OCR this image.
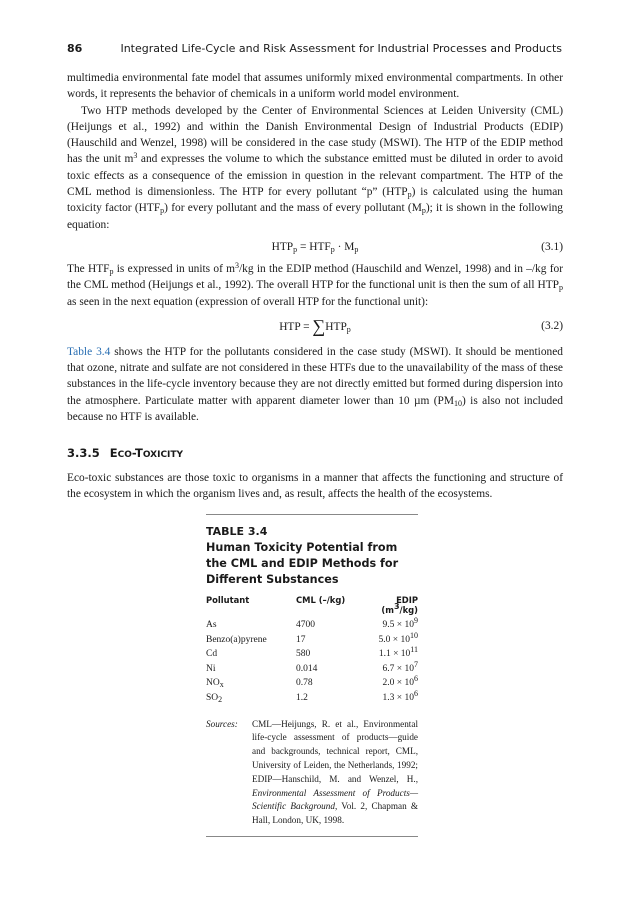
86	Integrated Life-Cycle and Risk Assessment for Industrial Processes and Products

multimedia environmental fate model that assumes uniformly mixed environmental compartments. In other words, it represents the behavior of chemicals in a uniform world model environment.

Two HTP methods developed by the Center of Environmental Sciences at Leiden University (CML) (Heijungs et al., 1992) and within the Danish Environmental Design of Industrial Products (EDIP) (Hauschild and Wenzel, 1998) will be considered in the case study (MSWI). The HTP of the EDIP method has the unit $m^3$ and expresses the volume to which the substance emitted must be diluted in order to avoid toxic effects as a consequence of the emission in question in the relevant compartment. The HTP of the CML method is dimensionless. The HTP for every pollutant “p” $(HTP_p)$ is calculated using the human toxicity factor $(HTF_p)$ for every pollutant and the mass of every pollutant $(M_p)$; it is shown in the following equation:

$HTP_p = HTF_p \cdot M_p$	(3.1)

The $HTF_p$ is expressed in units of $m^3/kg$ in the EDIP method (Hauschild and Wenzel, 1998) and in –/kg for the CML method (Heijungs et al., 1992). The overall HTP for the functional unit is then the sum of all $HTP_p$ as seen in the next equation (expression of overall HTP for the functional unit):

HTP = $\sum HTP_p$	(3.2)

Table 3.4 shows the HTP for the pollutants considered in the case study (MSWI). It should be mentioned that ozone, nitrate and sulfate are not considered in these HTFs due to the unavailability of the mass of these substances in the life-cycle inventory because they are not directly emitted but formed during dispersion into the atmosphere. Particulate matter with apparent diameter lower than 10 µm $(PM_{10})$ is also not included because no HTF is available.

3.3.5 ECO-TOXICITY

Eco-toxic substances are those toxic to organisms in a manner that affects the functioning and structure of the ecosystem in which the organism lives and, as result, affects the health of the ecosystems.

TABLE 3.4
Human Toxicity Potential from the CML and EDIP Methods for Different Substances
Pollutant	CML (–/kg)	EDIP $(m^3/kg)$
As	4700	$9.5 \times 10^9$
Benzo(a)pyrene	17	$5.0 \times 10^{10}$
Cd	580	$1.1 \times 10^{11}$
Ni	0.014	$6.7 \times 10^7$
$NO_x$	0.78	$2.0 \times 10^6$
$SO_2$	1.2	$1.3 \times 10^6$
Sources:	CML—Heijungs, R. et al., Environmental life-cycle assessment of products—guide and backgrounds, technical report, CML, University of Leiden, the Netherlands, 1992; EDIP—Hanschild, M. and Wenzel, H., Environmental Assessment of Products—Scientific Background, Vol. 2, Chapman & Hall, London, UK, 1998.
